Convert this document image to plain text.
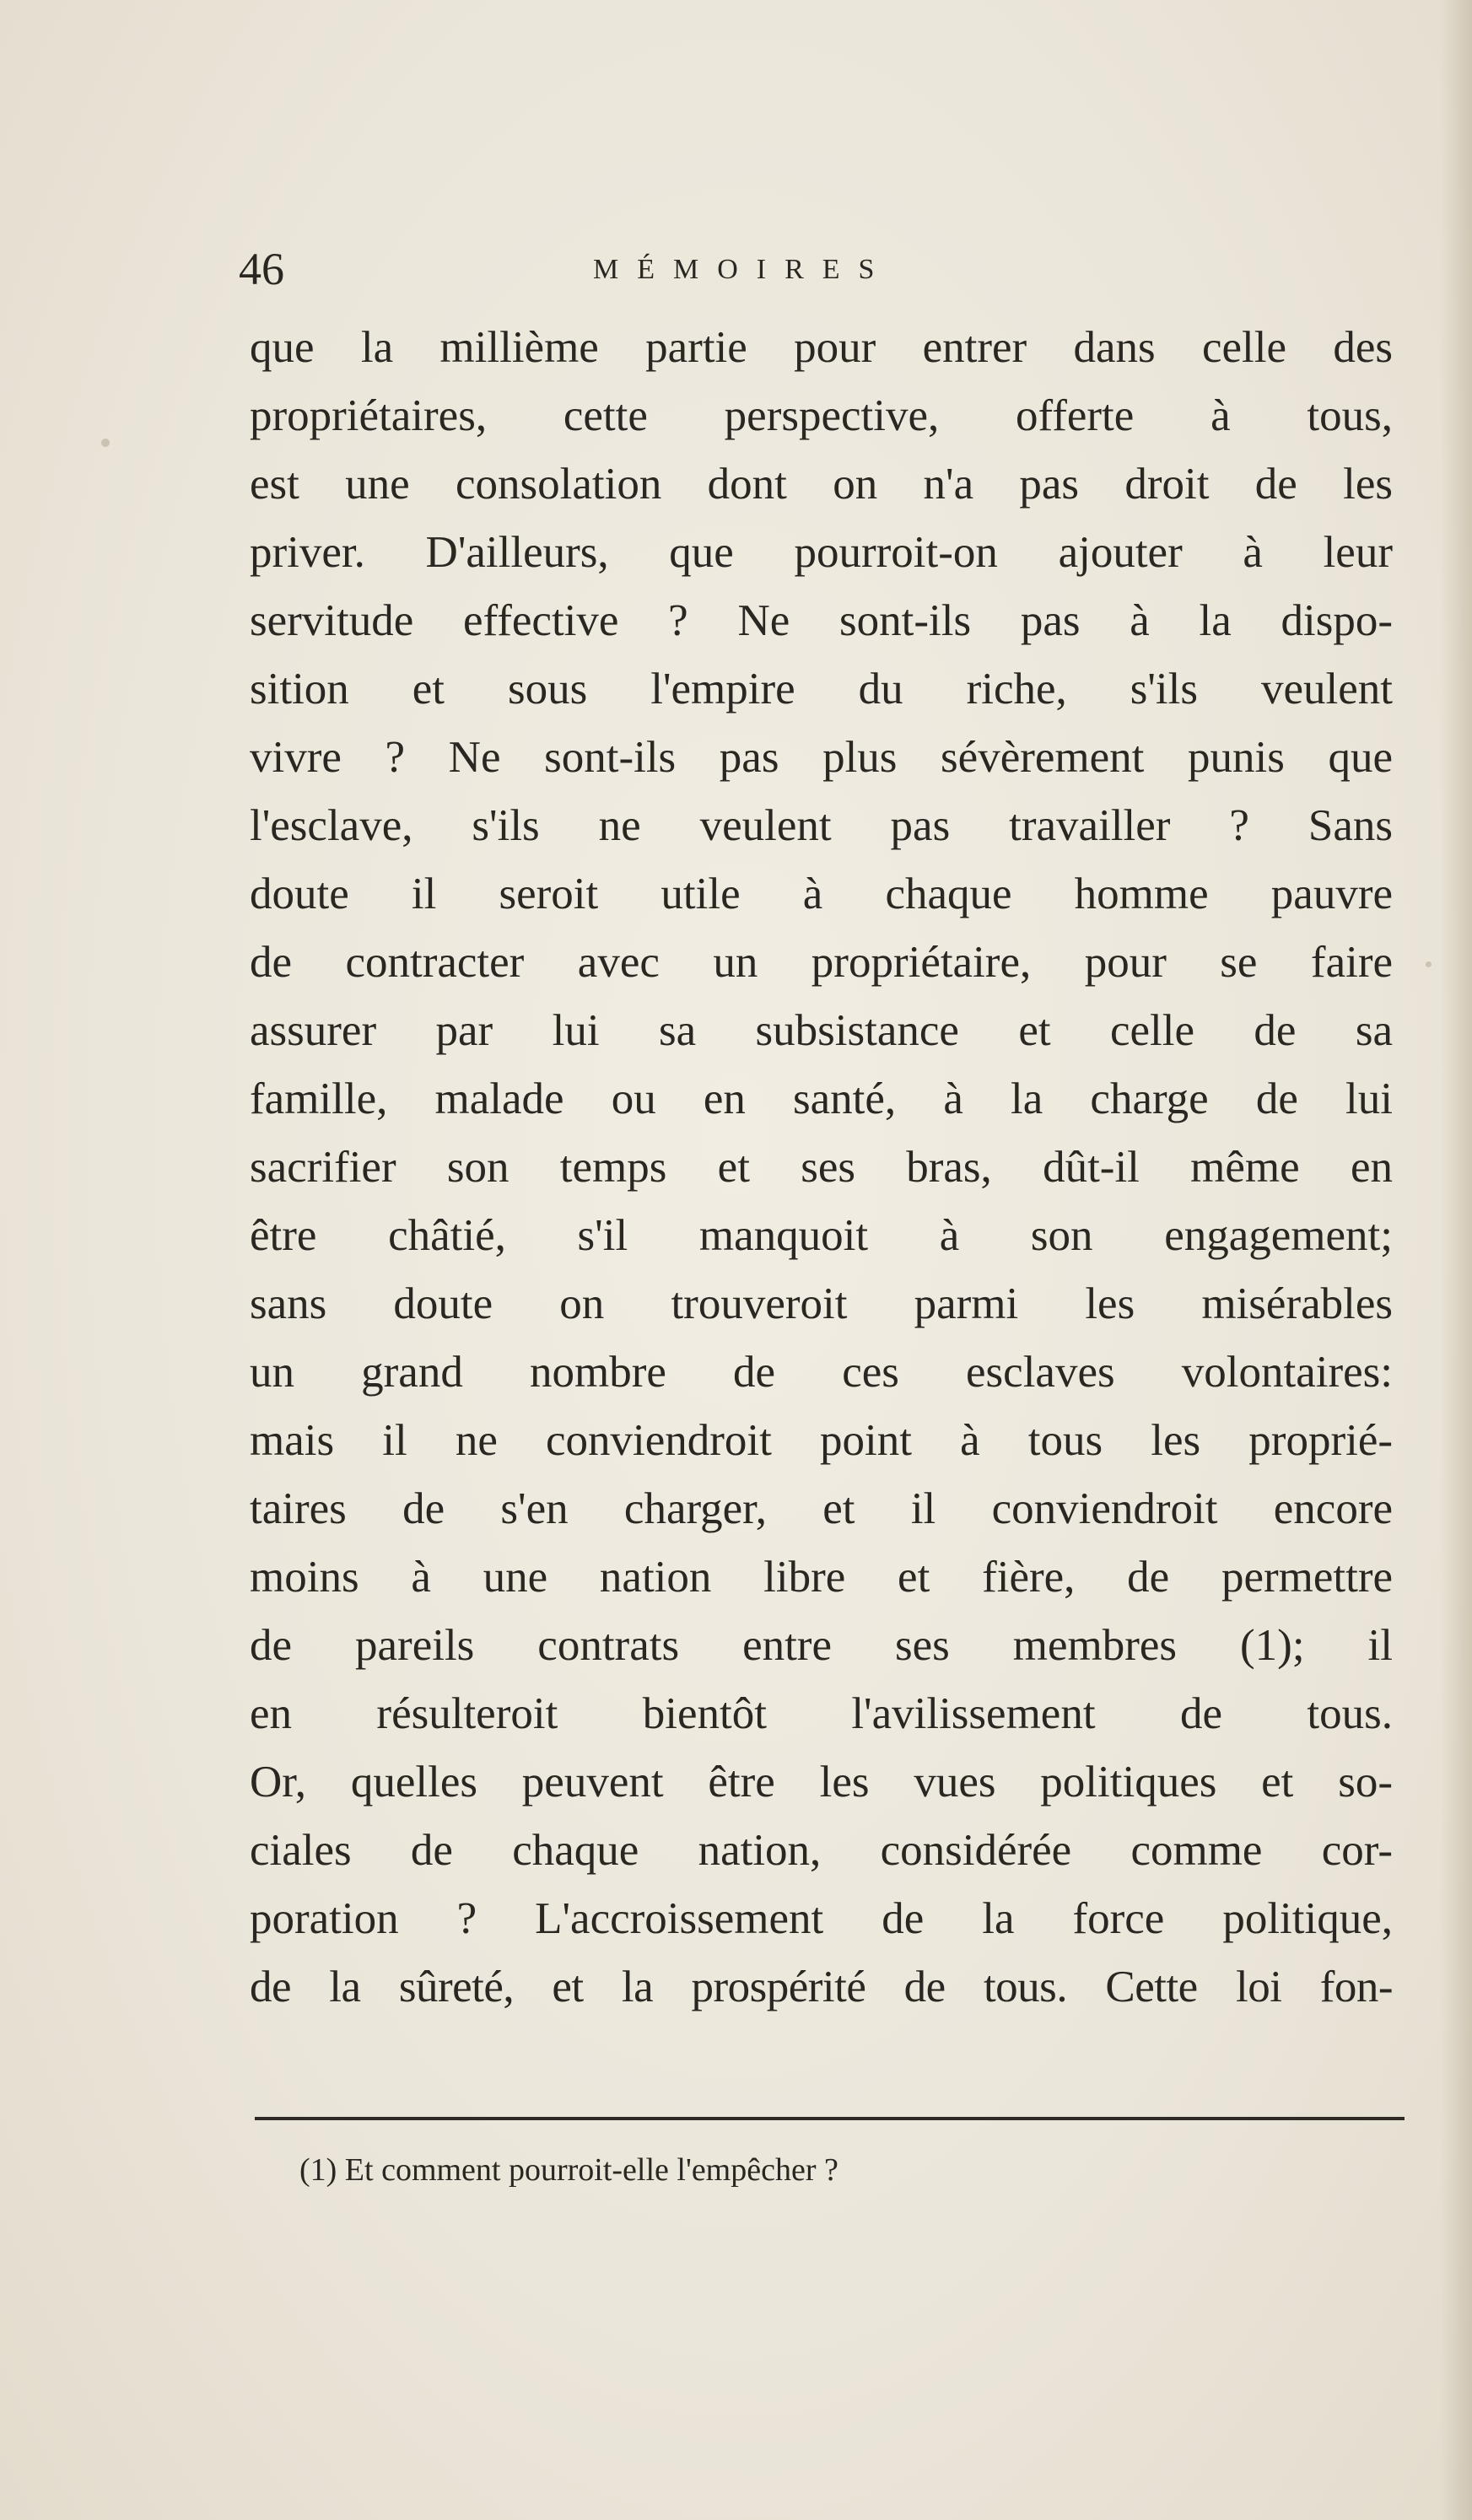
46	MÉMOIRES
que la millième partie pour entrer dans celle des
propriétaires, cette perspective, offerte à tous,
est une consolation dont on n'a pas droit de les
priver. D'ailleurs, que pourroit-on ajouter à leur
servitude effective ? Ne sont-ils pas à la dispo-
sition et sous l'empire du riche, s'ils veulent
vivre ? Ne sont-ils pas plus sévèrement punis que
l'esclave, s'ils ne veulent pas travailler ? Sans
doute il seroit utile à chaque homme pauvre
de contracter avec un propriétaire, pour se faire
assurer par lui sa subsistance et celle de sa
famille, malade ou en santé, à la charge de lui
sacrifier son temps et ses bras, dût-il même en
être châtié, s'il manquoit à son engagement;
sans doute on trouveroit parmi les misérables
un grand nombre de ces esclaves volontaires:
mais il ne conviendroit point à tous les proprié-
taires de s'en charger, et il conviendroit encore
moins à une nation libre et fière, de permettre
de pareils contrats entre ses membres (1); il
en résulteroit bientôt l'avilissement de tous.
Or, quelles peuvent être les vues politiques et so-
ciales de chaque nation, considérée comme cor-
poration ? L'accroissement de la force politique,
de la sûreté, et la prospérité de tous. Cette loi fon-
(1) Et comment pourroit-elle l'empêcher ?
